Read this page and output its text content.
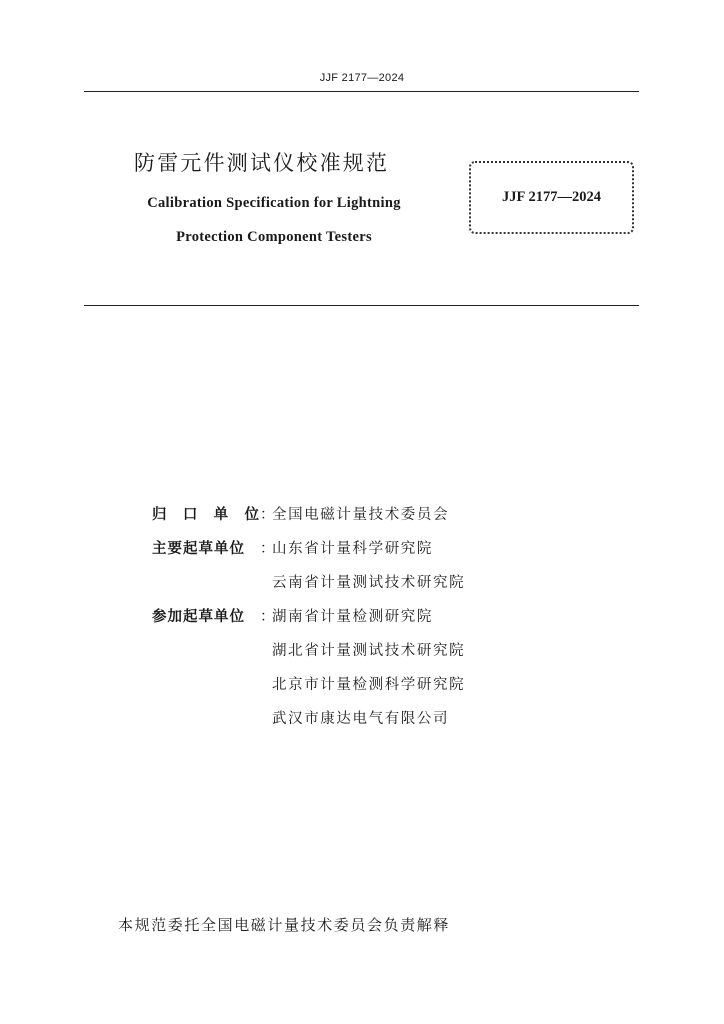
JJF 2177—2024
防雷元件测试仪校准规范
Calibration Specification for Lightning
Protection Component Testers
JJF 2177—2024
归 口 单 位 ：
全国电磁计量技术委员会
主要起草单位 ：
山东省计量科学研究院
云南省计量测试技术研究院
参加起草单位 ：
湖南省计量检测研究院
湖北省计量测试技术研究院
北京市计量检测科学研究院
武汉市康达电气有限公司
本规范委托全国电磁计量技术委员会负责解释
